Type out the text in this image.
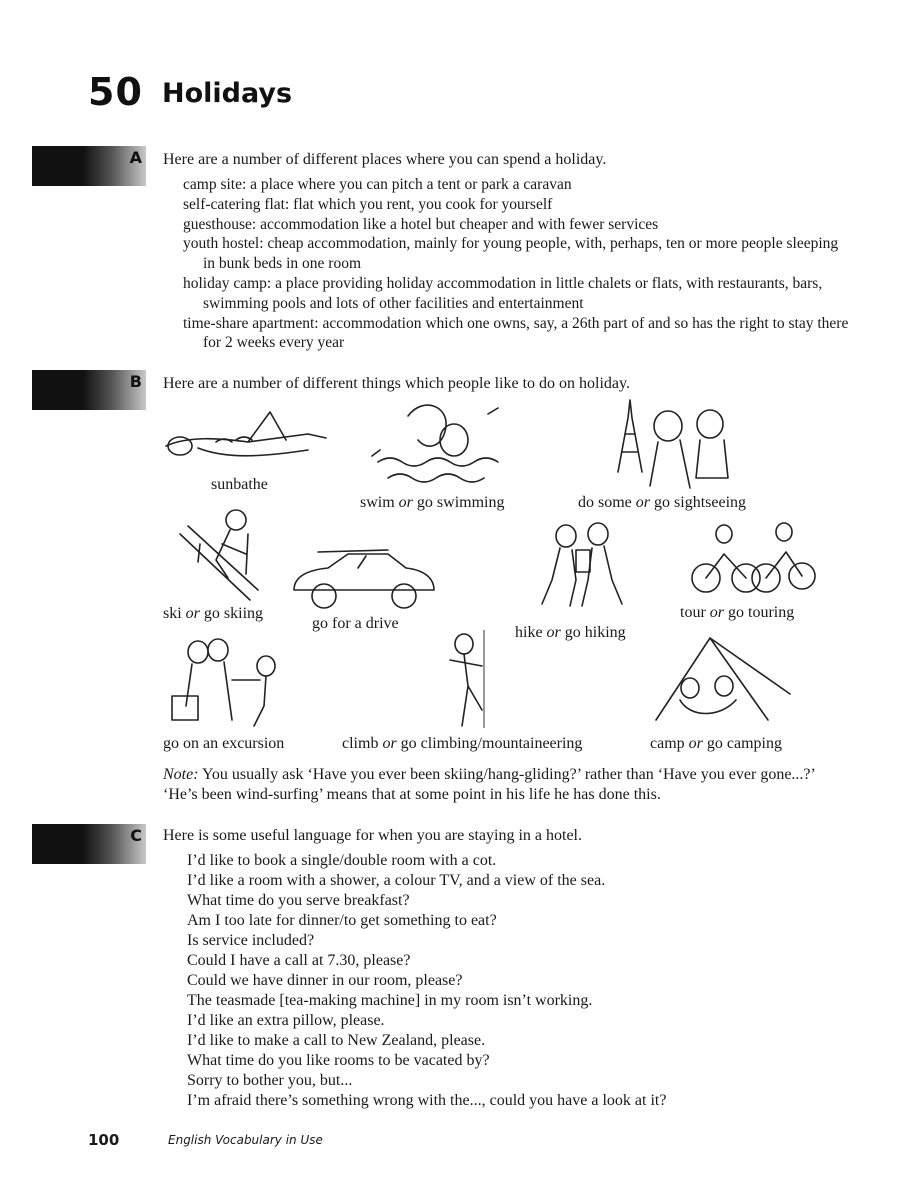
50 Holidays
A Here are a number of different places where you can spend a holiday.

camp site: a place where you can pitch a tent or park a caravan

self-catering flat: flat which you rent, you cook for yourself

guesthouse: accommodation like a hotel but cheaper and with fewer services

youth hostel: cheap accommodation, mainly for young people, with, perhaps, ten or more people sleeping in bunk beds in one room

holiday camp: a place providing holiday accommodation in little chalets or flats, with restaurants, bars, swimming pools and lots of other facilities and entertainment

time-share apartment: accommodation which one owns, say, a 26th part of and so has the right to stay there for 2 weeks every year

B Here are a number of different things which people like to do on holiday.
sunbathe
swim or go swimming	do some or go sightseeing
ski or go skiing
go for a drive
hike or go hiking
tour or go touring
go on an excursion	climb or go climbing/mountaineering	camp or go camping
Note: You usually ask ‘Have you ever been skiing/hang-gliding?’ rather than ‘Have you ever gone...?’ ‘He’s been wind-surfing’ means that at some point in his life he has done this.
C Here is some useful language for when you are staying in a hotel.
I’d like to book a single/double room with a cot.
I’d like a room with a shower, a colour TV, and a view of the sea.
What time do you serve breakfast?
Am I too late for dinner/to get something to eat?
Is service included?
Could I have a call at 7.30, please?
Could we have dinner in our room, please?
The teasmade [tea-making machine] in my room isn’t working.
I’d like an extra pillow, please.
I’d like to make a call to New Zealand, please.
What time do you like rooms to be vacated by?
Sorry to bother you, but...
I’m afraid there’s something wrong with the..., could you have a look at it?
100	English Vocabulary in Use
